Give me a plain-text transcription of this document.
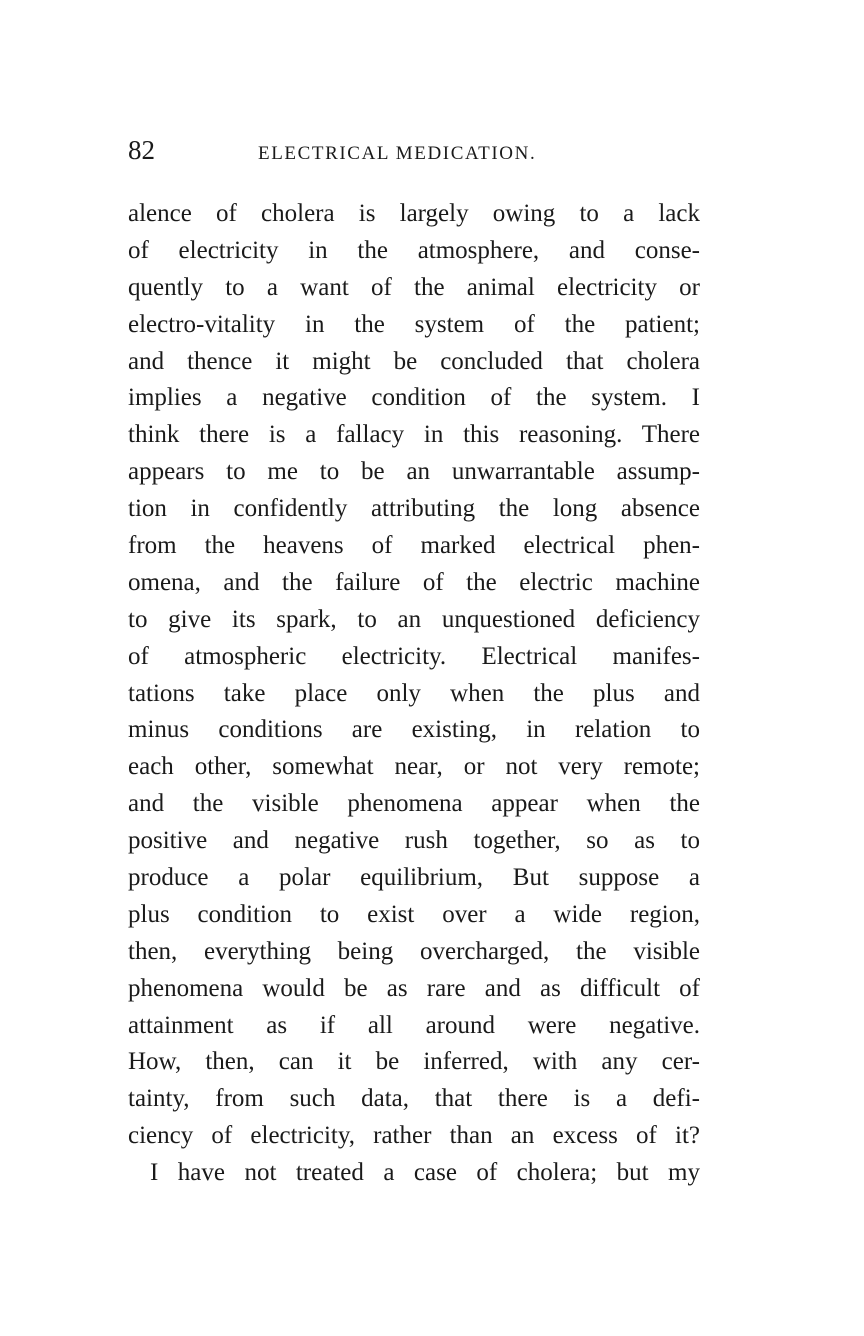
82	ELECTRICAL MEDICATION.
alence of cholera is largely owing to a lack
of electricity in the atmosphere, and conse-
quently to a want of the animal electricity or
electro-vitality in the system of the patient;
and thence it might be concluded that cholera
implies a negative condition of the system. I
think there is a fallacy in this reasoning. There
appears to me to be an unwarrantable assump-
tion in confidently attributing the long absence
from the heavens of marked electrical phen-
omena, and the failure of the electric machine
to give its spark, to an unquestioned deficiency
of atmospheric electricity. Electrical manifes-
tations take place only when the plus and
minus conditions are existing, in relation to
each other, somewhat near, or not very remote;
and the visible phenomena appear when the
positive and negative rush together, so as to
produce a polar equilibrium, But suppose a
plus condition to exist over a wide region,
then, everything being overcharged, the visible
phenomena would be as rare and as difficult of
attainment as if all around were negative.
How, then, can it be inferred, with any cer-
tainty, from such data, that there is a defi-
ciency of electricity, rather than an excess of it?
I have not treated a case of cholera; but my
